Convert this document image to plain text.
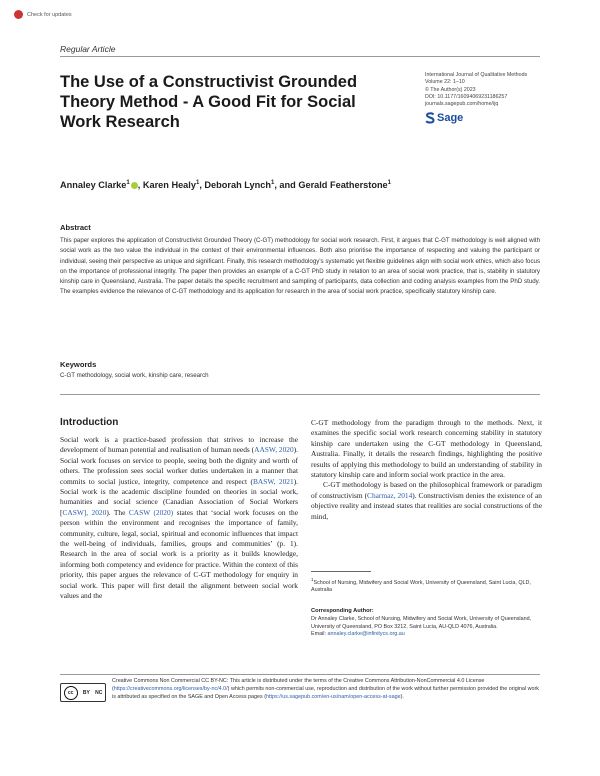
Check for updates
Regular Article
The Use of a Constructivist Grounded Theory Method - A Good Fit for Social Work Research
International Journal of Qualitative Methods
Volume 22: 1–10
© The Author(s) 2023
DOI: 10.1177/16094069231186257
journals.sagepub.com/home/ijq
Sage
Annaley Clarke$^1$ , Karen Healy$^1$, Deborah Lynch$^1$, and Gerald Featherstone$^1$
Abstract
This paper explores the application of Constructivist Grounded Theory (C-GT) methodology for social work research. First, it argues that C-GT methodology is well aligned with social work as the two value the individual in the context of their environmental influences. Both also prioritise the importance of respecting and valuing the participant or individual, seeing their perspective as unique and significant. Finally, this research methodology’s systematic yet flexible guidelines align with social work ethics, which also focus on the importance of professional integrity. The paper then provides an example of a C-GT PhD study in relation to an area of social work practice, that is, stability in statutory kinship care in Queensland, Australia. The paper details the specific recruitment and sampling of participants, data collection and coding analysis examples from the PhD study. The examples evidence the relevance of C-GT methodology and its application for research in the area of social work practice, specifically statutory kinship care.
Keywords
C-GT methodology, social work, kinship care, research
Introduction

Social work is a practice-based profession that strives to increase the development of human potential and realisation of human needs (AASW, 2020). Social work focuses on service to people, seeing both the dignity and worth of others. The profession sees social worker duties undertaken in a manner that commits to social justice, integrity, competence and respect (BASW, 2021). Social work is the academic discipline founded on theories in social work, humanities and social science (Canadian Association of Social Workers [CASW], 2020). The CASW (2020) states that ‘social work focuses on the person within the environment and recognises the importance of family, community, culture, legal, social, spiritual and economic influences that impact the well-being of individuals, families, groups and communities’ (p. 1). Research in the area of social work is a priority as it builds knowledge, informing both competency and evidence for practice. Within the context of this priority, this paper argues the relevance of C-GT methodology for enquiry in social work. This paper will first detail the alignment between social work values and the

C-GT methodology from the paradigm through to the methods. Next, it examines the specific social work research concerning stability in statutory kinship care undertaken using the C-GT methodology in Queensland, Australia. Finally, it details the research findings, highlighting the positive results of applying this methodology to build an understanding of stability in statutory kinship care and inform social work practice in the area.

C-GT methodology is based on the philosophical framework or paradigm of constructivism (Charmaz, 2014). Constructivism denies the existence of an objective reality and instead states that realities are social constructions of the mind,

$^1$School of Nursing, Midwifery and Social Work, University of Queensland, Saint Lucia, QLD, Australia
Corresponding Author:
Dr Annaley Clarke, School of Nursing, Midwifery and Social Work, University of Queensland, University of Queensland, PO Box 3212, Saint Lucia, AU-QLD 4076, Australia.
Email: annaley.clarke@infinitycs.org.au
cc	BY NC
Creative Commons Non Commercial CC BY-NC: This article is distributed under the terms of the Creative Commons Attribution-NonCommercial 4.0 License (https://creativecommons.org/licenses/by-nc/4.0/) which permits non-commercial use, reproduction and distribution of the work without further permission provided the original work is attributed as specified on the SAGE and Open Access pages (https://us.sagepub.com/en-us/nam/open-access-at-sage).
